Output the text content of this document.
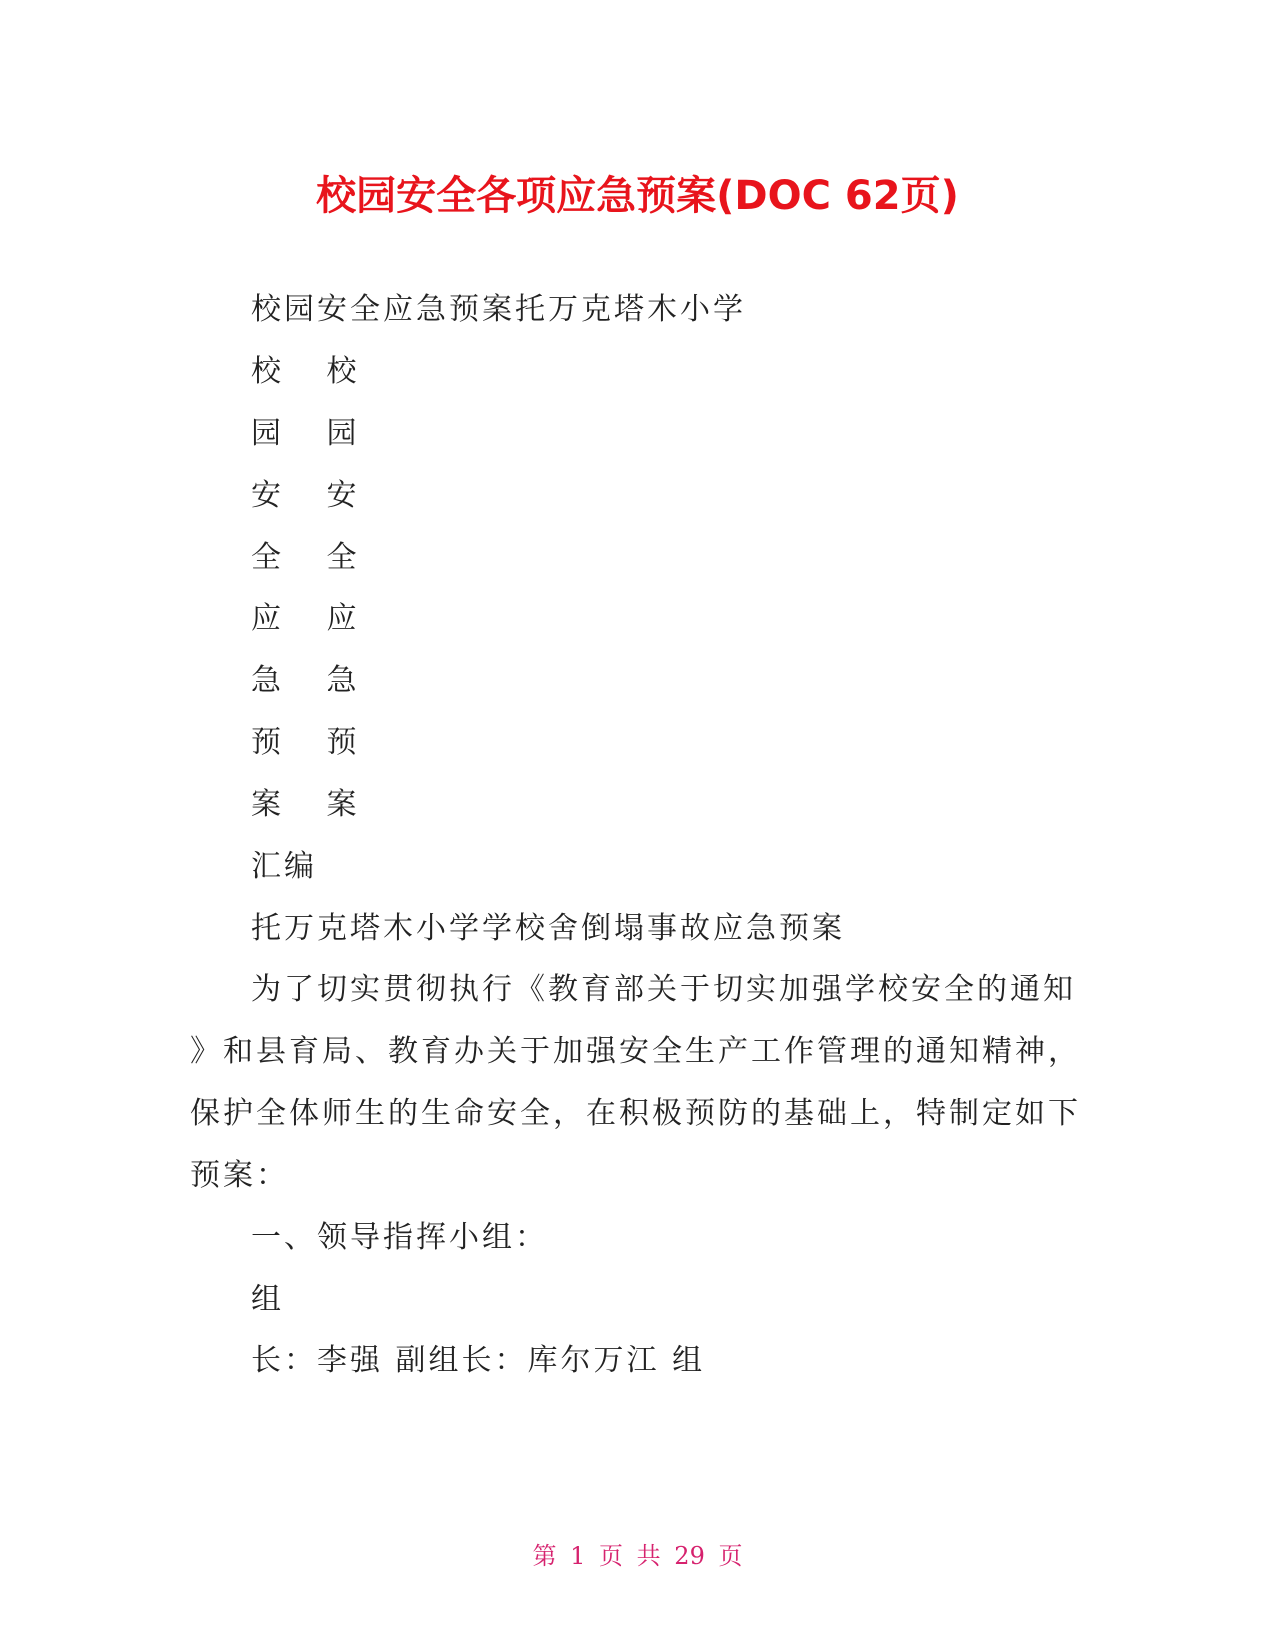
校园安全各项应急预案(DOC 62页)
校园安全应急预案托万克塔木小学
校 校
园 园
安 安
全 全
应 应
急 急
预 预
案 案
汇编
托万克塔木小学学校舍倒塌事故应急预案
为了切实贯彻执行《教育部关于切实加强学校安全的通知
》和县育局、教育办关于加强安全生产工作管理的通知精神，
保护全体师生的生命安全，在积极预防的基础上，特制定如下
预案：
一、领导指挥小组：
组
长：李强 副组长：库尔万江 组
第 1 页 共 29 页
